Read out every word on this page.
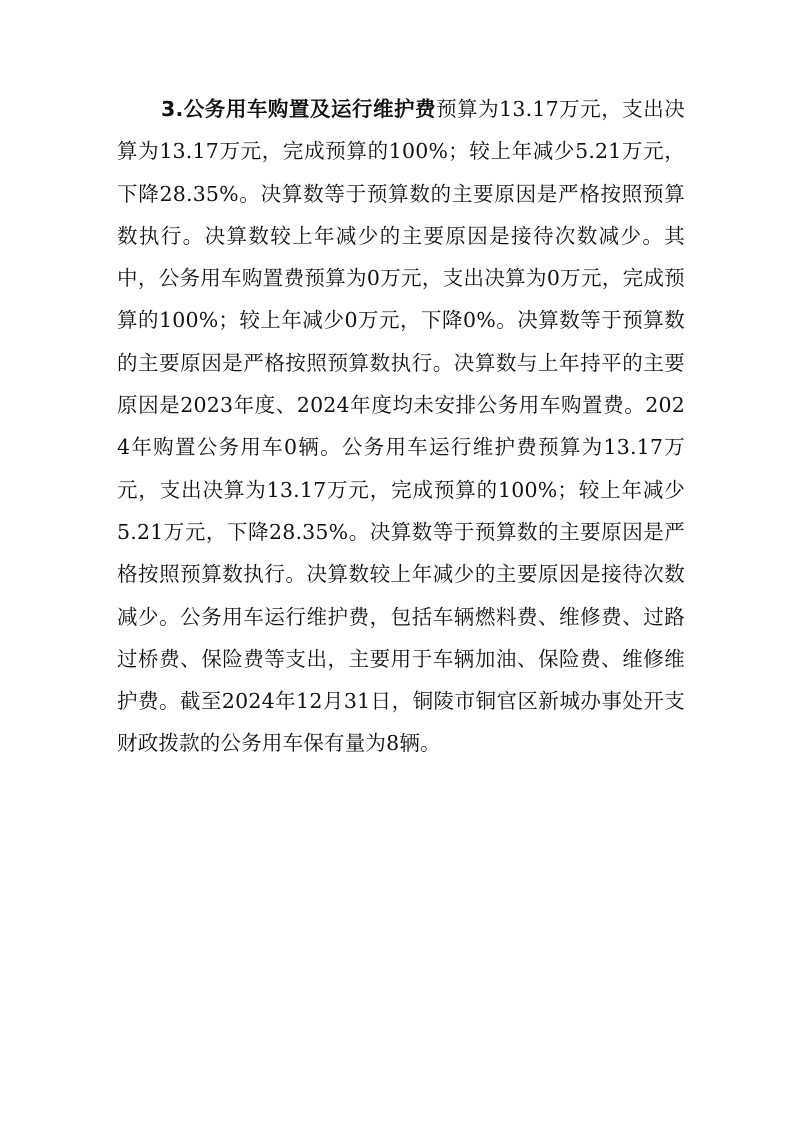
3.公务用车购置及运行维护费预算为13.17万元，支出决算为13.17万元，完成预算的100%；较上年减少5.21万元，下降28.35%。决算数等于预算数的主要原因是严格按照预算数执行。决算数较上年减少的主要原因是接待次数减少。其中，公务用车购置费预算为0万元，支出决算为0万元，完成预算的100%；较上年减少0万元，下降0%。决算数等于预算数的主要原因是严格按照预算数执行。决算数与上年持平的主要原因是2023年度、2024年度均未安排公务用车购置费。2024年购置公务用车0辆。公务用车运行维护费预算为13.17万元，支出决算为13.17万元，完成预算的100%；较上年减少5.21万元，下降28.35%。决算数等于预算数的主要原因是严格按照预算数执行。决算数较上年减少的主要原因是接待次数减少。公务用车运行维护费，包括车辆燃料费、维修费、过路过桥费、保险费等支出，主要用于车辆加油、保险费、维修维护费。截至2024年12月31日，铜陵市铜官区新城办事处开支财政拨款的公务用车保有量为8辆。
